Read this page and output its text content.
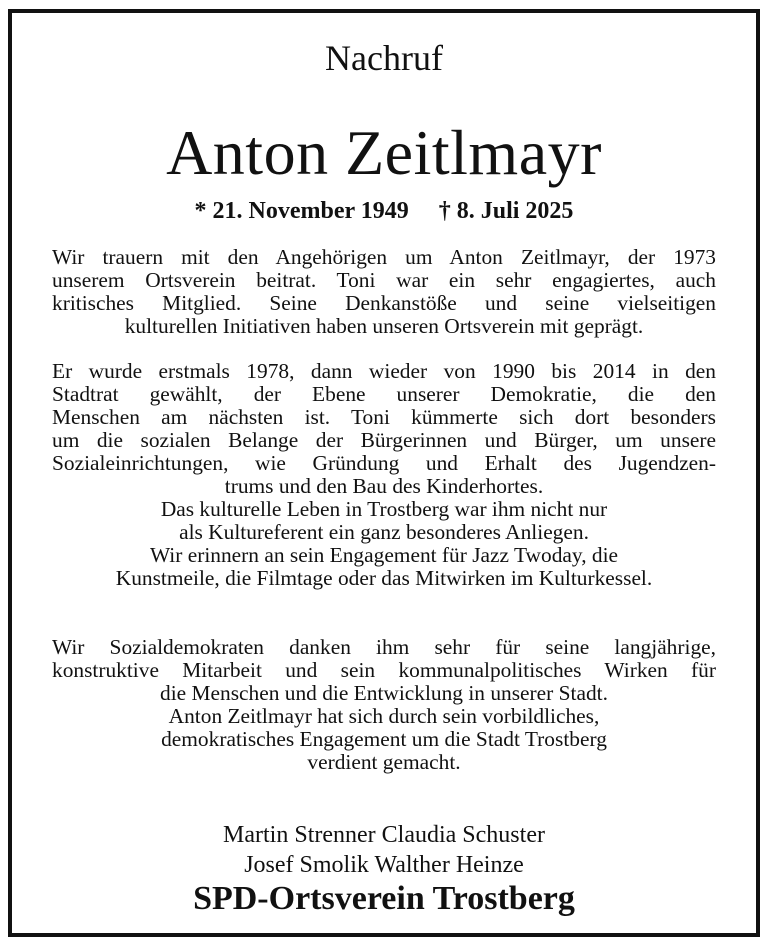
Nachruf
Anton Zeitlmayr
* 21. November 1949 † 8. Juli 2025
Wir trauern mit den Angehörigen um Anton Zeitlmayr, der 1973
unserem Ortsverein beitrat. Toni war ein sehr engagiertes, auch
kritisches Mitglied. Seine Denkanstöße und seine vielseitigen
kulturellen Initiativen haben unseren Ortsverein mit geprägt.
Er wurde erstmals 1978, dann wieder von 1990 bis 2014 in den
Stadtrat gewählt, der Ebene unserer Demokratie, die den
Menschen am nächsten ist. Toni kümmerte sich dort besonders
um die sozialen Belange der Bürgerinnen und Bürger, um unsere
Sozialeinrichtungen, wie Gründung und Erhalt des Jugendzen-
trums und den Bau des Kinderhortes.
Das kulturelle Leben in Trostberg war ihm nicht nur
als Kultureferent ein ganz besonderes Anliegen.
Wir erinnern an sein Engagement für Jazz Twoday, die
Kunstmeile, die Filmtage oder das Mitwirken im Kulturkessel.
Wir Sozialdemokraten danken ihm sehr für seine langjährige,
konstruktive Mitarbeit und sein kommunalpolitisches Wirken für
die Menschen und die Entwicklung in unserer Stadt.
Anton Zeitlmayr hat sich durch sein vorbildliches,
demokratisches Engagement um die Stadt Trostberg
verdient gemacht.
Martin Strenner Claudia Schuster
Josef Smolik Walther Heinze
SPD-Ortsverein Trostberg
